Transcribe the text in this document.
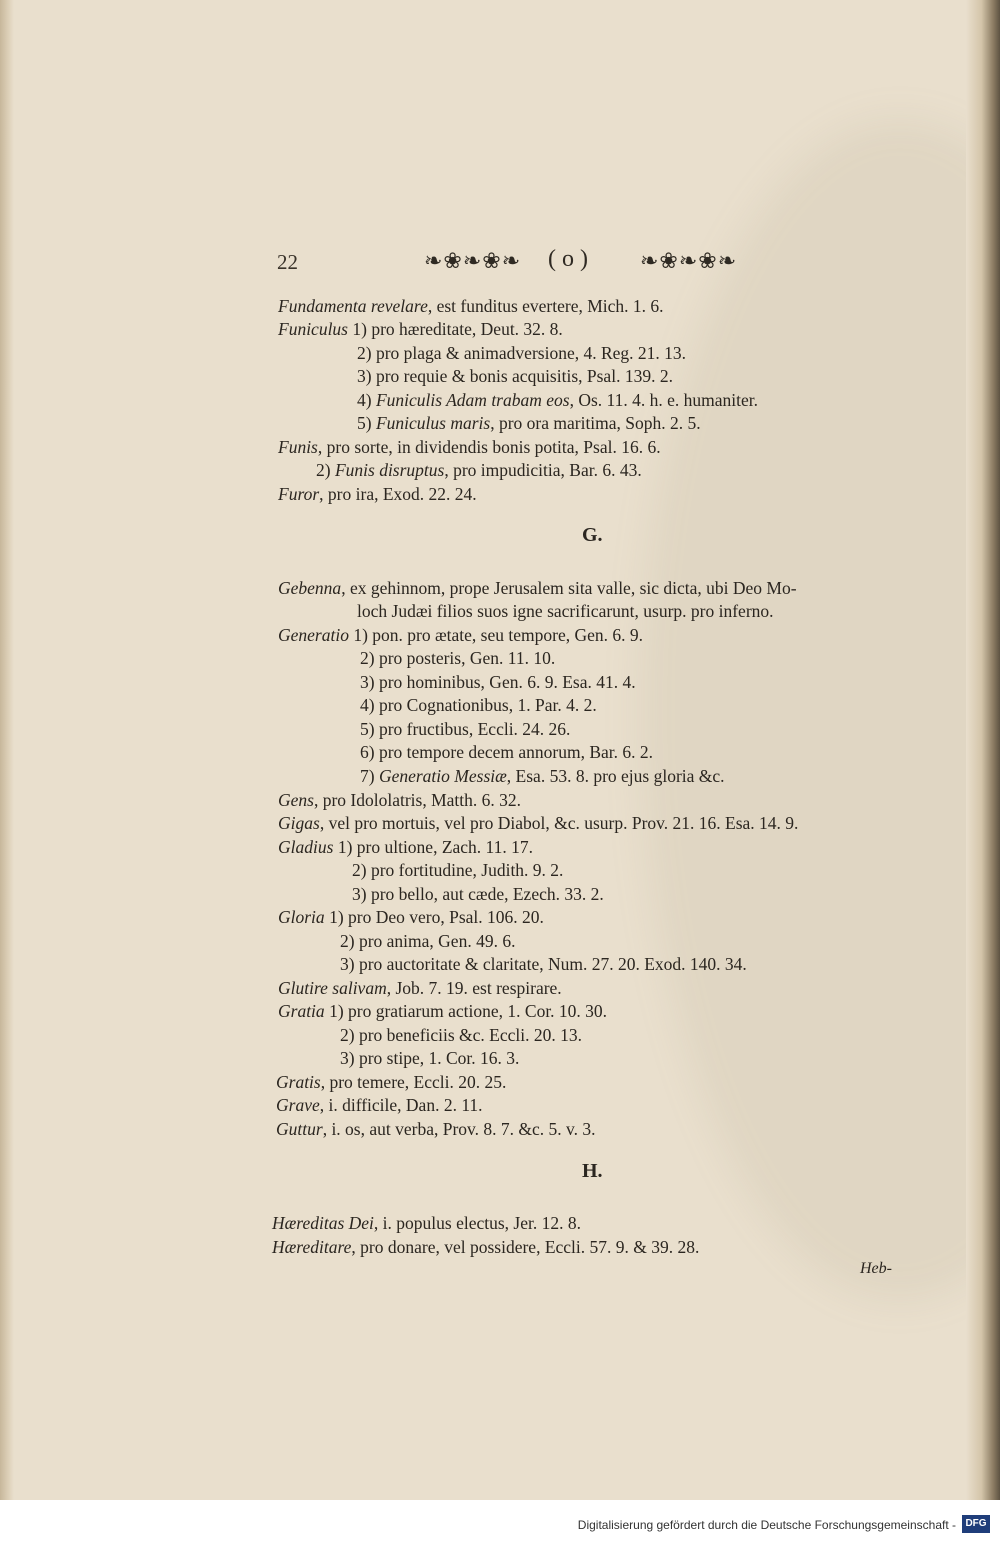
22	❧❀❧❀❧ ( o ) ❧❀❧❀❧
Fundamenta revelare, est funditus evertere, Mich. 1. 6.
Funiculus 1) pro hæreditate, Deut. 32. 8.
2) pro plaga & animadversione, 4. Reg. 21. 13.
3) pro requie & bonis acquisitis, Psal. 139. 2.
4) Funiculis Adam trabam eos, Os. 11. 4. h. e. humaniter.
5) Funiculus maris, pro ora maritima, Soph. 2. 5.
Funis, pro sorte, in dividendis bonis potita, Psal. 16. 6.
2) Funis disruptus, pro impudicitia, Bar. 6. 43.
Furor, pro ira, Exod. 22. 24.
G.
Gebenna, ex gehinnom, prope Jerusalem sita valle, sic dicta, ubi Deo Mo-
loch Judæi filios suos igne sacrificarunt, usurp. pro inferno.
Generatio 1) pon. pro ætate, seu tempore, Gen. 6. 9.
2) pro posteris, Gen. 11. 10.
3) pro hominibus, Gen. 6. 9. Esa. 41. 4.
4) pro Cognationibus, 1. Par. 4. 2.
5) pro fructibus, Eccli. 24. 26.
6) pro tempore decem annorum, Bar. 6. 2.
7) Generatio Messiæ, Esa. 53. 8. pro ejus gloria &c.
Gens, pro Idololatris, Matth. 6. 32.
Gigas, vel pro mortuis, vel pro Diabol, &c. usurp. Prov. 21. 16. Esa. 14. 9.
Gladius 1) pro ultione, Zach. 11. 17.
2) pro fortitudine, Judith. 9. 2.
3) pro bello, aut cæde, Ezech. 33. 2.
Gloria 1) pro Deo vero, Psal. 106. 20.
2) pro anima, Gen. 49. 6.
3) pro auctoritate & claritate, Num. 27. 20. Exod. 140. 34.
Glutire salivam, Job. 7. 19. est respirare.
Gratia 1) pro gratiarum actione, 1. Cor. 10. 30.
2) pro beneficiis &c. Eccli. 20. 13.
3) pro stipe, 1. Cor. 16. 3.
Gratis, pro temere, Eccli. 20. 25.
Grave, i. difficile, Dan. 2. 11.
Guttur, i. os, aut verba, Prov. 8. 7. &c. 5. v. 3.
H.
Hæreditas Dei, i. populus electus, Jer. 12. 8.
Hæreditare, pro donare, vel possidere, Eccli. 57. 9. & 39. 28.
Heb-
Digitalisierung gefördert durch die Deutsche Forschungsgemeinschaft - DFG
